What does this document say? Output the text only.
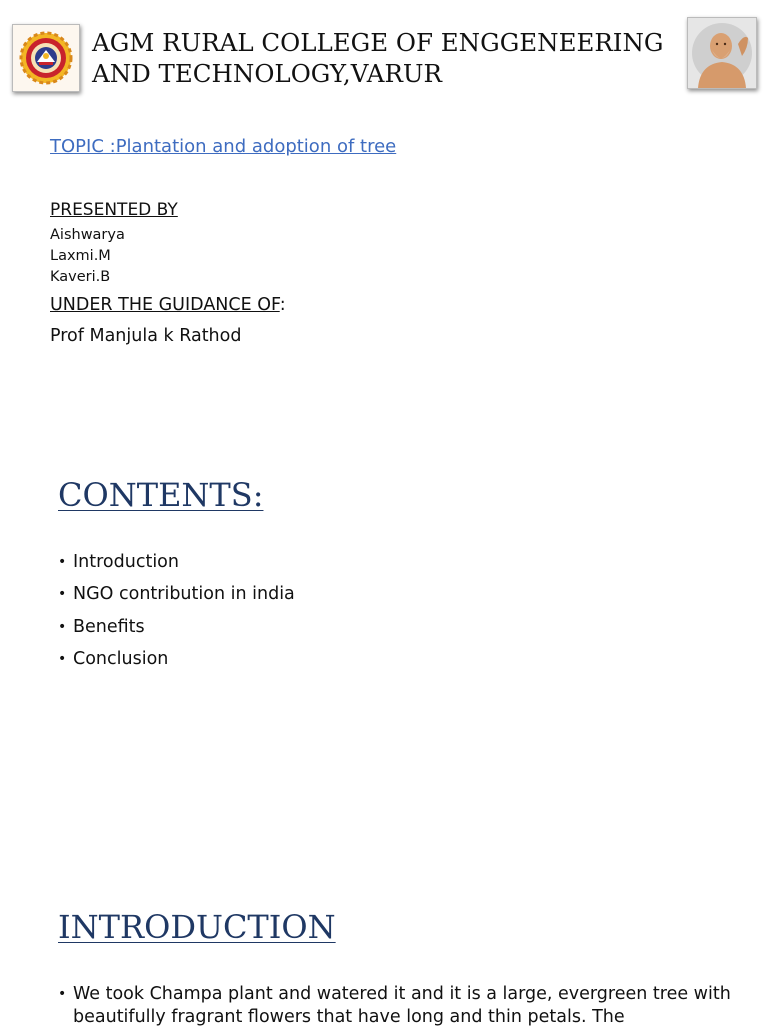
AGM RURAL COLLEGE OF ENGGENEERING
AND TECHNOLOGY,VARUR
TOPIC :Plantation and adoption of tree
PRESENTED BY
Aishwarya
Laxmi.M
Kaveri.B
UNDER THE GUIDANCE OF:
Prof Manjula k Rathod
CONTENTS:
• Introduction
• NGO contribution in india
• Benefits
• Conclusion
INTRODUCTION
• We took Champa plant and watered it and it is a large, evergreen tree with beautifully fragrant flowers that have long and thin petals. The
